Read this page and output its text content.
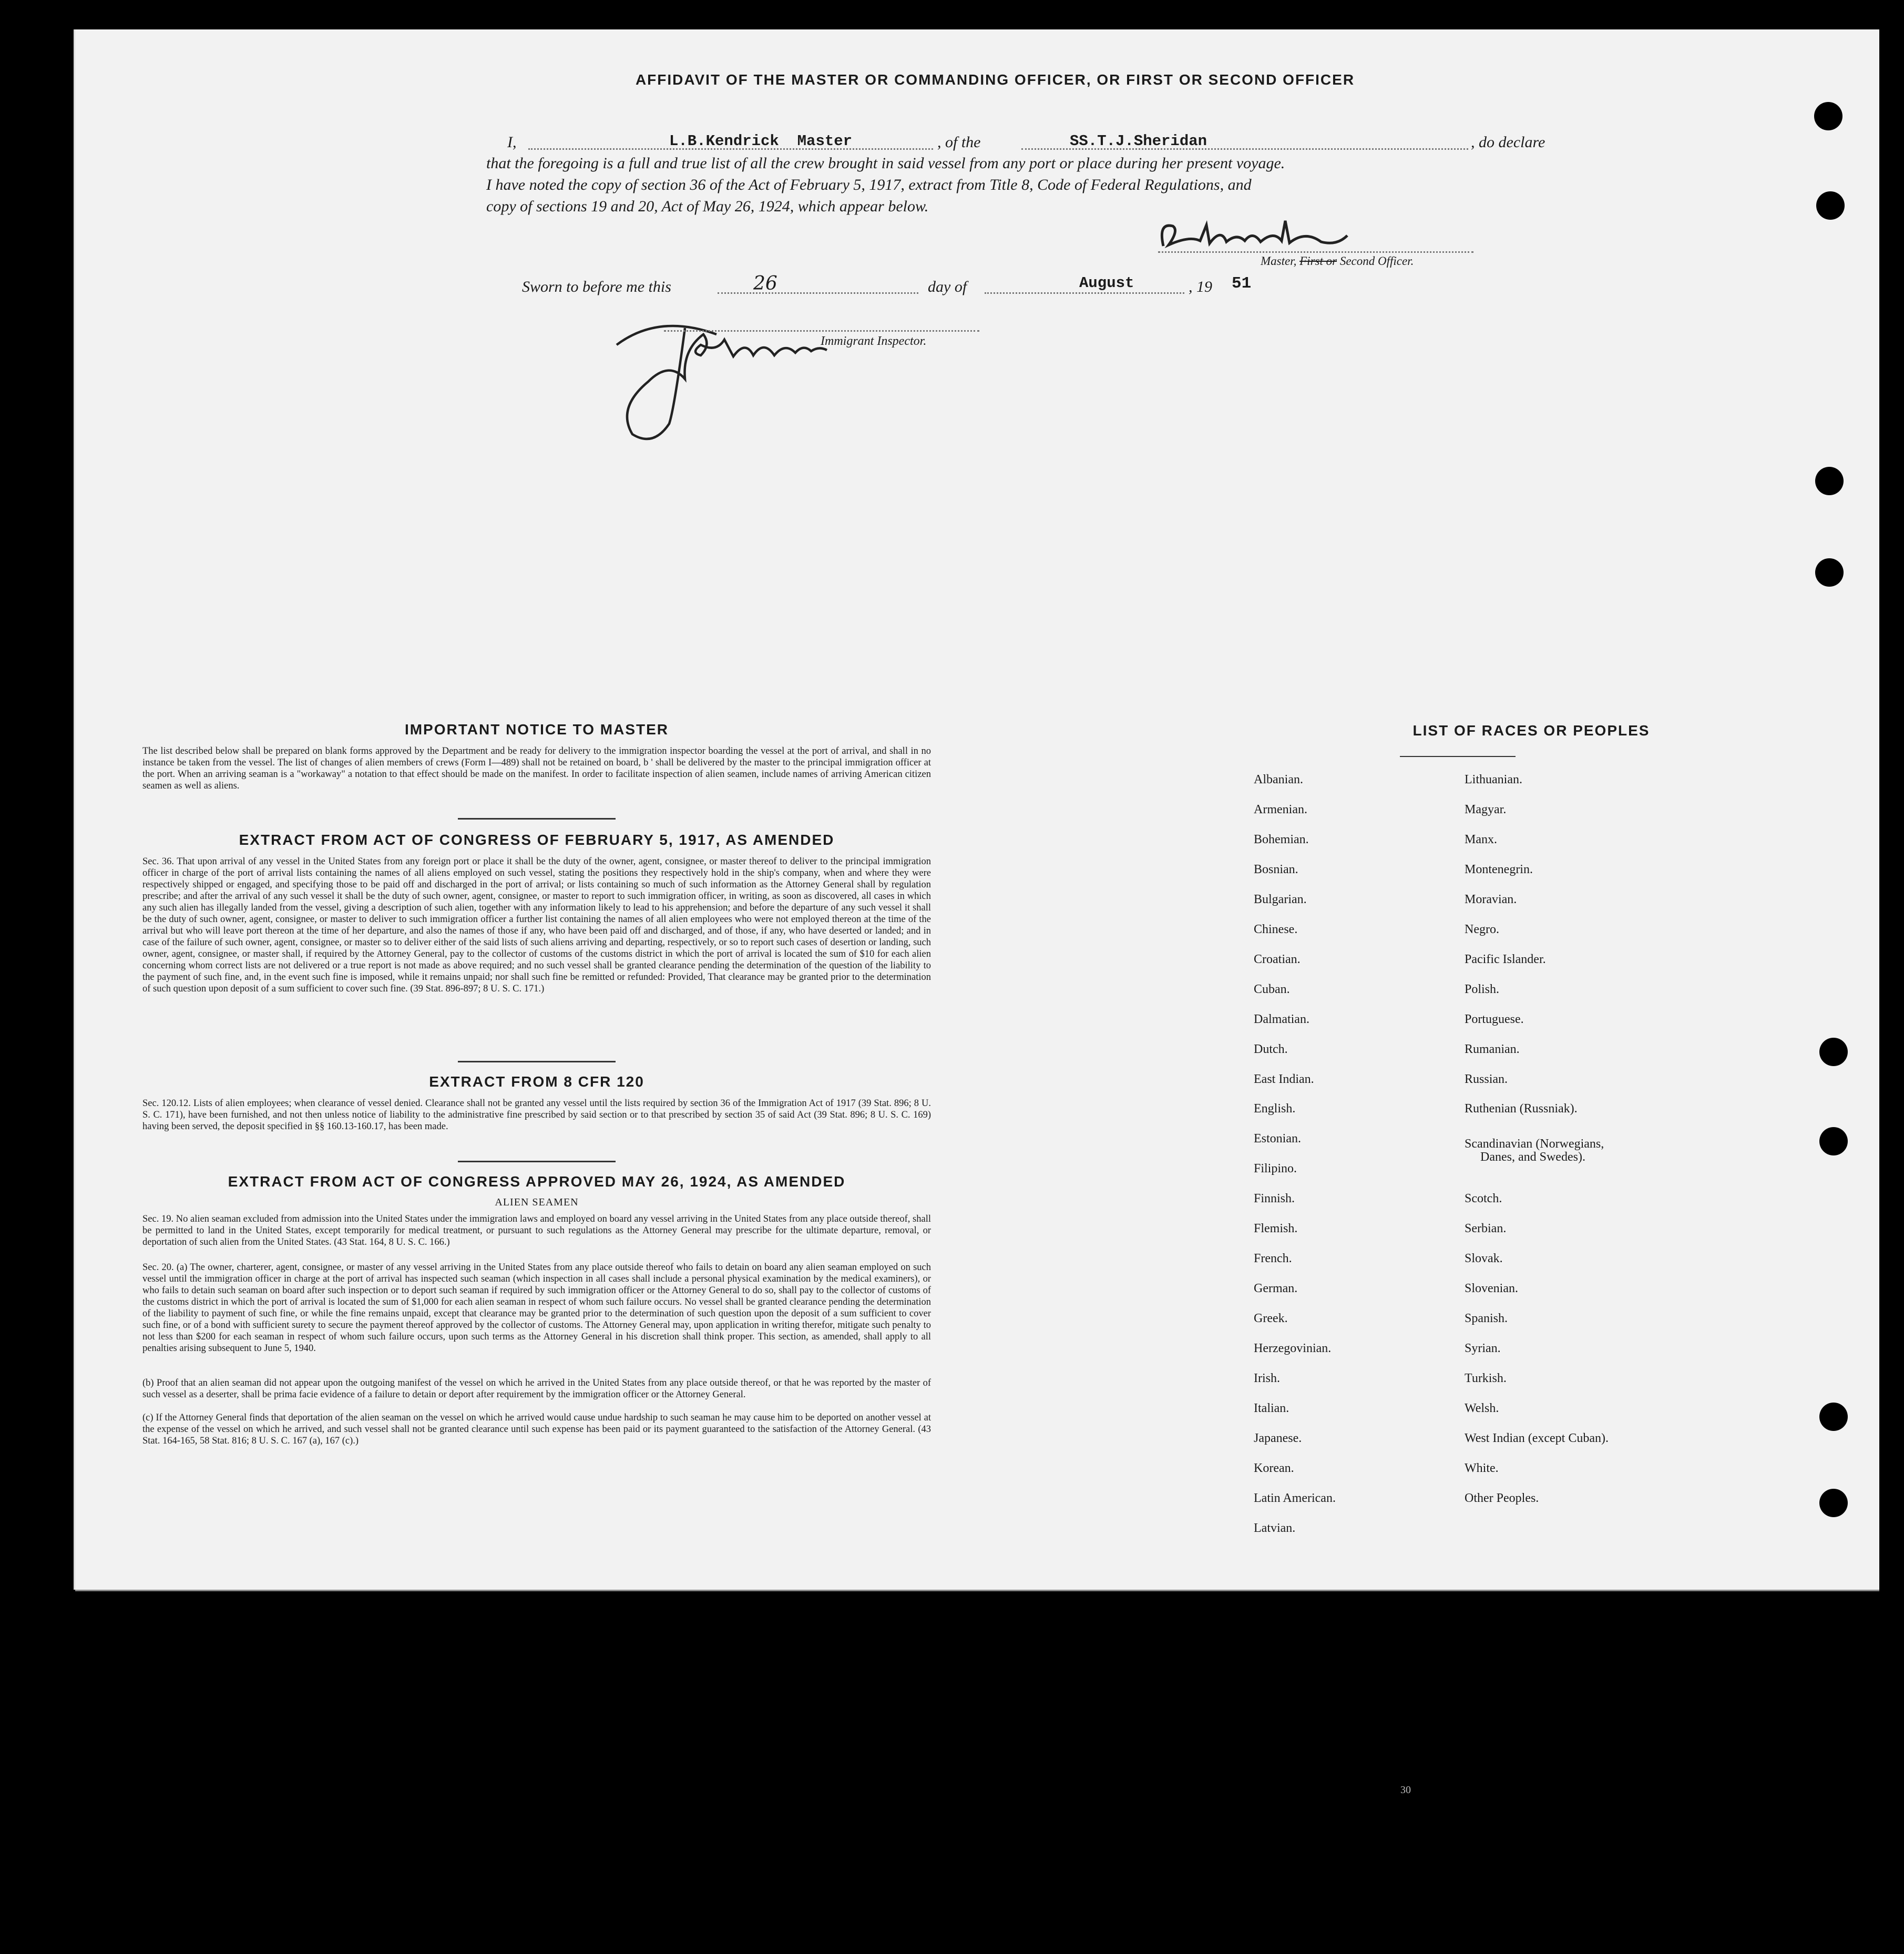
AFFIDAVIT OF THE MASTER OR COMMANDING OFFICER, OR FIRST OR SECOND OFFICER
I,	L.B.Kendrick  Master	, of the	SS.T.J.Sheridan	, do declare
that the foregoing is a full and true list of all the crew brought in said vessel from any port or place during her present voyage.
I have noted the copy of section 36 of the Act of February 5, 1917, extract from Title 8, Code of Federal Regulations, and
copy of sections 19 and 20, Act of May 26, 1924, which appear below.
Master, First or Second Officer.
Sworn to before me this	26	day of	August	, 19 51
Immigrant Inspector.
IMPORTANT NOTICE TO MASTER
The list described below shall be prepared on blank forms approved by the Department and be ready for delivery to the immigration inspector boarding the vessel at the port of arrival, and shall in no instance be taken from the vessel. The list of changes of alien members of crews (Form I—489) shall not be retained on board, b ' shall be delivered by the master to the principal immigration officer at the port. When an arriving seaman is a "workaway" a notation to that effect should be made on the manifest. In order to facilitate inspection of alien seamen, include names of arriving American citizen seamen as well as aliens.
EXTRACT FROM ACT OF CONGRESS OF FEBRUARY 5, 1917, AS AMENDED
Sec. 36. That upon arrival of any vessel in the United States from any foreign port or place it shall be the duty of the owner, agent, consignee, or master thereof to deliver to the principal immigration officer in charge of the port of arrival lists containing the names of all aliens employed on such vessel, stating the positions they respectively hold in the ship's company, when and where they were respectively shipped or engaged, and specifying those to be paid off and discharged in the port of arrival; or lists containing so much of such information as the Attorney General shall by regulation prescribe; and after the arrival of any such vessel it shall be the duty of such owner, agent, consignee, or master to report to such immigration officer, in writing, as soon as discovered, all cases in which any such alien has illegally landed from the vessel, giving a description of such alien, together with any information likely to lead to his apprehension; and before the departure of any such vessel it shall be the duty of such owner, agent, consignee, or master to deliver to such immigration officer a further list containing the names of all alien employees who were not employed thereon at the time of the arrival but who will leave port thereon at the time of her departure, and also the names of those if any, who have been paid off and discharged, and of those, if any, who have deserted or landed; and in case of the failure of such owner, agent, consignee, or master so to deliver either of the said lists of such aliens arriving and departing, respectively, or so to report such cases of desertion or landing, such owner, agent, consignee, or master shall, if required by the Attorney General, pay to the collector of customs of the customs district in which the port of arrival is located the sum of $10 for each alien concerning whom correct lists are not delivered or a true report is not made as above required; and no such vessel shall be granted clearance pending the determination of the question of the liability to the payment of such fine, and, in the event such fine is imposed, while it remains unpaid; nor shall such fine be remitted or refunded: Provided, That clearance may be granted prior to the determination of such question upon deposit of a sum sufficient to cover such fine. (39 Stat. 896-897; 8 U. S. C. 171.)
EXTRACT FROM 8 CFR 120
Sec. 120.12. Lists of alien employees; when clearance of vessel denied. Clearance shall not be granted any vessel until the lists required by section 36 of the Immigration Act of 1917 (39 Stat. 896; 8 U. S. C. 171), have been furnished, and not then unless notice of liability to the administrative fine prescribed by said section or to that prescribed by section 35 of said Act (39 Stat. 896; 8 U. S. C. 169) having been served, the deposit specified in §§ 160.13-160.17, has been made.
EXTRACT FROM ACT OF CONGRESS APPROVED MAY 26, 1924, AS AMENDED
ALIEN SEAMEN
Sec. 19. No alien seaman excluded from admission into the United States under the immigration laws and employed on board any vessel arriving in the United States from any place outside thereof, shall be permitted to land in the United States, except temporarily for medical treatment, or pursuant to such regulations as the Attorney General may prescribe for the ultimate departure, removal, or deportation of such alien from the United States. (43 Stat. 164, 8 U. S. C. 166.)
Sec. 20. (a) The owner, charterer, agent, consignee, or master of any vessel arriving in the United States from any place outside thereof who fails to detain on board any alien seaman employed on such vessel until the immigration officer in charge at the port of arrival has inspected such seaman (which inspection in all cases shall include a personal physical examination by the medical examiners), or who fails to detain such seaman on board after such inspection or to deport such seaman if required by such immigration officer or the Attorney General to do so, shall pay to the collector of customs of the customs district in which the port of arrival is located the sum of $1,000 for each alien seaman in respect of whom such failure occurs. No vessel shall be granted clearance pending the determination of the liability to payment of such fine, or while the fine remains unpaid, except that clearance may be granted prior to the determination of such question upon the deposit of a sum sufficient to cover such fine, or of a bond with sufficient surety to secure the payment thereof approved by the collector of customs. The Attorney General may, upon application in writing therefor, mitigate such penalty to not less than $200 for each seaman in respect of whom such failure occurs, upon such terms as the Attorney General in his discretion shall think proper. This section, as amended, shall apply to all penalties arising subsequent to June 5, 1940.
(b) Proof that an alien seaman did not appear upon the outgoing manifest of the vessel on which he arrived in the United States from any place outside thereof, or that he was reported by the master of such vessel as a deserter, shall be prima facie evidence of a failure to detain or deport after requirement by the immigration officer or the Attorney General.
(c) If the Attorney General finds that deportation of the alien seaman on the vessel on which he arrived would cause undue hardship to such seaman he may cause him to be deported on another vessel at the expense of the vessel on which he arrived, and such vessel shall not be granted clearance until such expense has been paid or its payment guaranteed to the satisfaction of the Attorney General. (43 Stat. 164-165, 58 Stat. 816; 8 U. S. C. 167 (a), 167 (c).)
LIST OF RACES OR PEOPLES
Albanian.
Armenian.
Bohemian.
Bosnian.
Bulgarian.
Chinese.
Croatian.
Cuban.
Dalmatian.
Dutch.
East Indian.
English.
Estonian.
Filipino.
Finnish.
Flemish.
French.
German.
Greek.
Herzegovinian.
Irish.
Italian.
Japanese.
Korean.
Latin American.
Latvian.
Lithuanian.
Magyar.
Manx.
Montenegrin.
Moravian.
Negro.
Pacific Islander.
Polish.
Portuguese.
Rumanian.
Russian.
Ruthenian (Russniak).
Scandinavian (Norwegians,
Danes, and Swedes).
Scotch.
Serbian.
Slovak.
Slovenian.
Spanish.
Syrian.
Turkish.
Welsh.
West Indian (except Cuban).
White.
Other Peoples.
30
